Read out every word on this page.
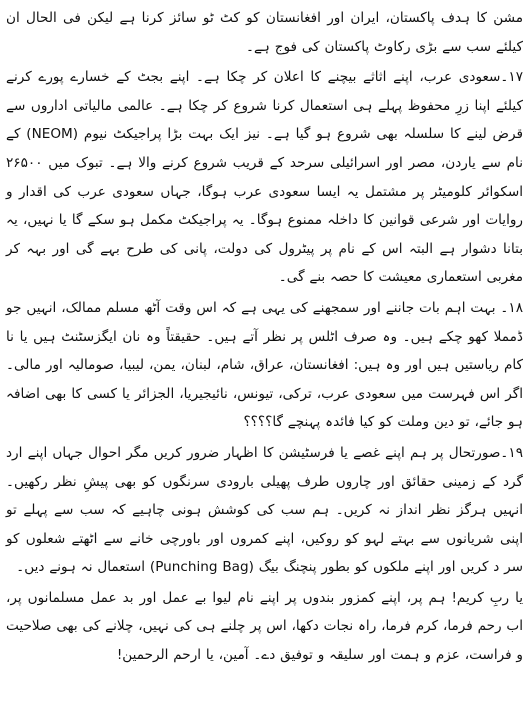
مشن کا ہدف پاکستان، ایران اور افغانستان کو کٹ ٹو سائز کرنا ہے لیکن فی الحال ان کیلئے سب سے بڑی رکاوٹ پاکستان کی فوج ہے۔

۱۷۔سعودی عرب، اپنے اثاثے بیچنے کا اعلان کر چکا ہے۔ اپنے بجٹ کے خسارے پورے کرنے کیلئے اپنا زرِ محفوظ پہلے ہی استعمال کرنا شروع کر چکا ہے۔ عالمی مالیاتی اداروں سے قرض لینے کا سلسلہ بھی شروع ہو گیا ہے۔ نیز ایک بہت بڑا پراجیکٹ نیوم (NEOM) کے نام سے یاردن، مصر اور اسرائیلی سرحد کے قریب شروع کرنے والا ہے۔ تبوک میں ۲۶۵۰۰ اسکوائر کلومیٹر پر مشتمل یہ ایسا سعودی عرب ہوگا، جہاں سعودی عرب کی اقدار و روایات اور شرعی قوانین کا داخلہ ممنوع ہوگا۔ یہ پراجیکٹ مکمل ہو سکے گا یا نہیں، یہ بتانا دشوار ہے البتہ اس کے نام پر پیٹرول کی دولت، پانی کی طرح بہے گی اور بہہ کر مغربی استعماری معیشت کا حصہ بنے گی۔

۱۸۔ بہت اہم بات جاننے اور سمجھنے کی یہی ہے کہ اس وقت آٹھ مسلم ممالک، انہیں جو ڈمملا کھو چکے ہیں۔ وہ صرف اٹلس پر نظر آتے ہیں۔ حقیقتاً وہ نان ایگزسٹنٹ ہیں یا نا کام ریاستیں ہیں اور وہ ہیں: افغانستان، عراق، شام، لبنان، یمن، لیبیا، صومالیہ اور مالی۔ اگر اس فہرست میں سعودی عرب، ترکی، تیونس، نائیجیریا، الجزائر یا کسی کا بھی اضافہ ہو جائے، تو دین وملت کو کیا فائدہ پہنچے گا؟؟؟؟

۱۹۔صورتحال پر ہم اپنے غصے یا فرسٹیشن کا اظہار ضرور کریں مگر احوال جہاں اپنے ارد گرد کے زمینی حقائق اور چاروں طرف پھیلی بارودی سرنگوں کو بھی پیشِ نظر رکھیں۔ انہیں ہرگز نظر انداز نہ کریں۔ ہم سب کی کوشش ہونی چاہیے کہ سب سے پہلے تو اپنی شریانوں سے بہتے لہو کو روکیں، اپنے کمروں اور باورچی خانے سے اٹھتے شعلوں کو سر د کریں اور اپنے ملکوں کو بطور پنچنگ بیگ (Punching Bag) استعمال نہ ہونے دیں۔

یا ربِ کریم! ہم پر، اپنے کمزور بندوں پر اپنے نام لیوا بے عمل اور بد عمل مسلمانوں پر، اب رحم فرما، کرم فرما، راہ نجات دکھا، اس پر چلنے ہی کی نہیں، چلانے کی بھی صلاحیت و فراست، عزم و ہمت اور سلیقہ و توفیق دے۔ آمین، یا ارحم الرحمین!
